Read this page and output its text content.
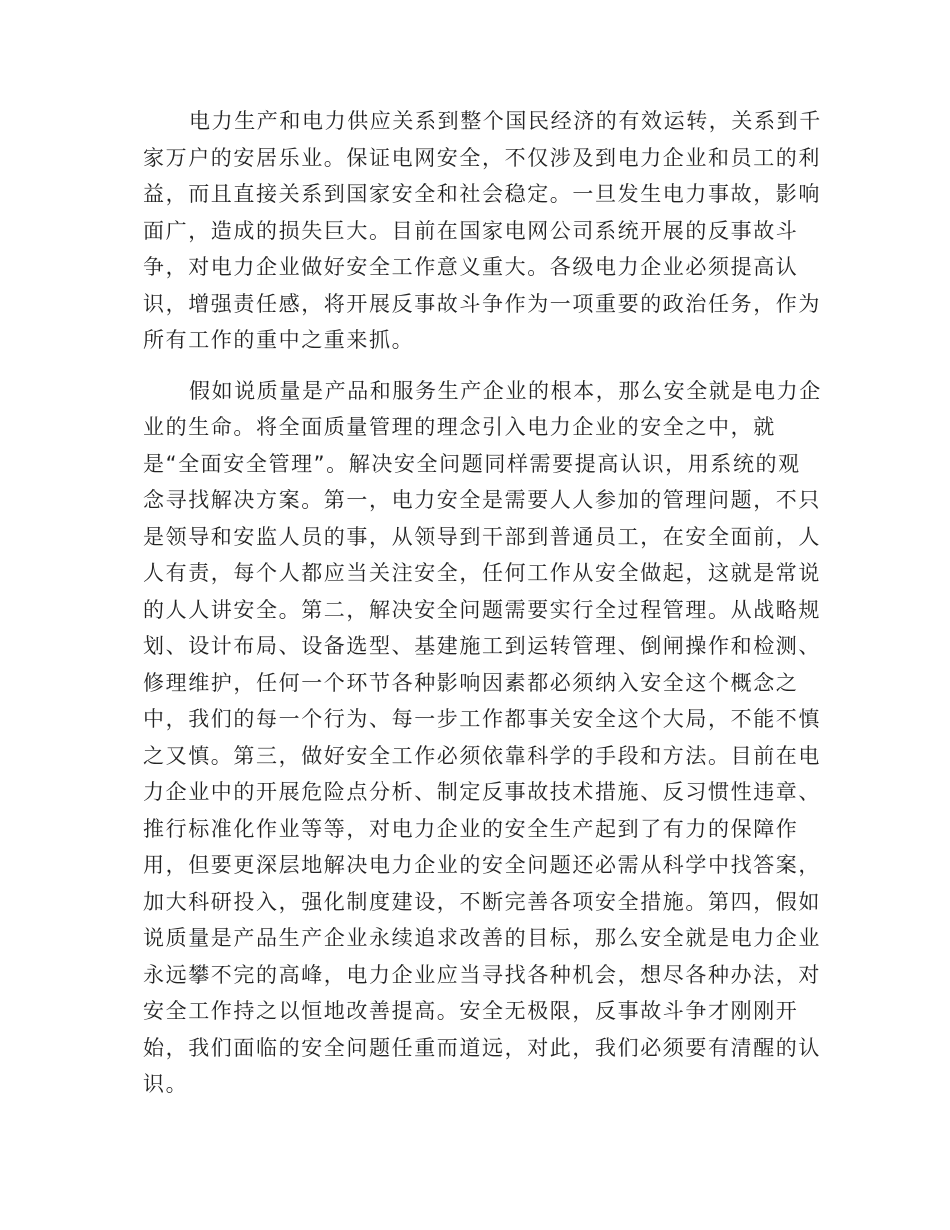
电力生产和电力供应关系到整个国民经济的有效运转，关系到千
家万户的安居乐业。保证电网安全，不仅涉及到电力企业和员工的利
益，而且直接关系到国家安全和社会稳定。一旦发生电力事故，影响
面广，造成的损失巨大。目前在国家电网公司系统开展的反事故斗
争，对电力企业做好安全工作意义重大。各级电力企业必须提高认
识，增强责任感，将开展反事故斗争作为一项重要的政治任务，作为
所有工作的重中之重来抓。

假如说质量是产品和服务生产企业的根本，那么安全就是电力企
业的生命。将全面质量管理的理念引入电力企业的安全之中，就
是“全面安全管理”。解决安全问题同样需要提高认识，用系统的观
念寻找解决方案。第一，电力安全是需要人人参加的管理问题，不只
是领导和安监人员的事，从领导到干部到普通员工，在安全面前，人
人有责，每个人都应当关注安全，任何工作从安全做起，这就是常说
的人人讲安全。第二，解决安全问题需要实行全过程管理。从战略规
划、设计布局、设备选型、基建施工到运转管理、倒闸操作和检测、
修理维护，任何一个环节各种影响因素都必须纳入安全这个概念之
中，我们的每一个行为、每一步工作都事关安全这个大局，不能不慎
之又慎。第三，做好安全工作必须依靠科学的手段和方法。目前在电
力企业中的开展危险点分析、制定反事故技术措施、反习惯性违章、
推行标准化作业等等，对电力企业的安全生产起到了有力的保障作
用，但要更深层地解决电力企业的安全问题还必需从科学中找答案，
加大科研投入，强化制度建设，不断完善各项安全措施。第四，假如
说质量是产品生产企业永续追求改善的目标，那么安全就是电力企业
永远攀不完的高峰，电力企业应当寻找各种机会，想尽各种办法，对
安全工作持之以恒地改善提高。安全无极限，反事故斗争才刚刚开
始，我们面临的安全问题任重而道远，对此，我们必须要有清醒的认
识。
